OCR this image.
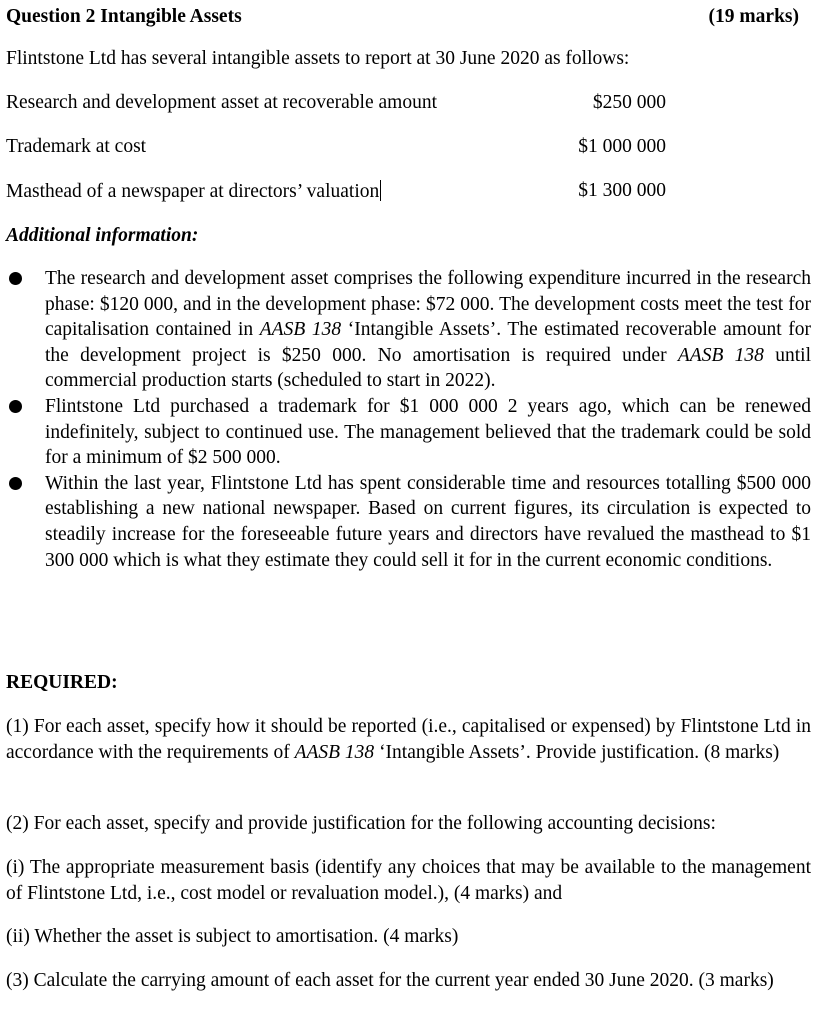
Question 2 Intangible Assets	(19 marks)
Flintstone Ltd has several intangible assets to report at 30 June 2020 as follows:
Research and development asset at recoverable amount	$250 000
Trademark at cost	$1 000 000
Masthead of a newspaper at directors’ valuation	$1 300 000
Additional information:
The research and development asset comprises the following expenditure incurred in the research phase: $120 000, and in the development phase: $72 000. The development costs meet the test for capitalisation contained in AASB 138 ‘Intangible Assets’. The estimated recoverable amount for the development project is $250 000. No amortisation is required under AASB 138 until commercial production starts (scheduled to start in 2022).
Flintstone Ltd purchased a trademark for $1 000 000 2 years ago, which can be renewed indefinitely, subject to continued use. The management believed that the trademark could be sold for a minimum of $2 500 000.
Within the last year, Flintstone Ltd has spent considerable time and resources totalling $500 000 establishing a new national newspaper. Based on current figures, its circulation is expected to steadily increase for the foreseeable future years and directors have revalued the masthead to $1 300 000 which is what they estimate they could sell it for in the current economic conditions.
REQUIRED:
(1) For each asset, specify how it should be reported (i.e., capitalised or expensed) by Flintstone Ltd in accordance with the requirements of AASB 138 ‘Intangible Assets’. Provide justification. (8 marks)
(2) For each asset, specify and provide justification for the following accounting decisions:
(i) The appropriate measurement basis (identify any choices that may be available to the management of Flintstone Ltd, i.e., cost model or revaluation model.), (4 marks) and
(ii) Whether the asset is subject to amortisation. (4 marks)
(3) Calculate the carrying amount of each asset for the current year ended 30 June 2020. (3 marks)
